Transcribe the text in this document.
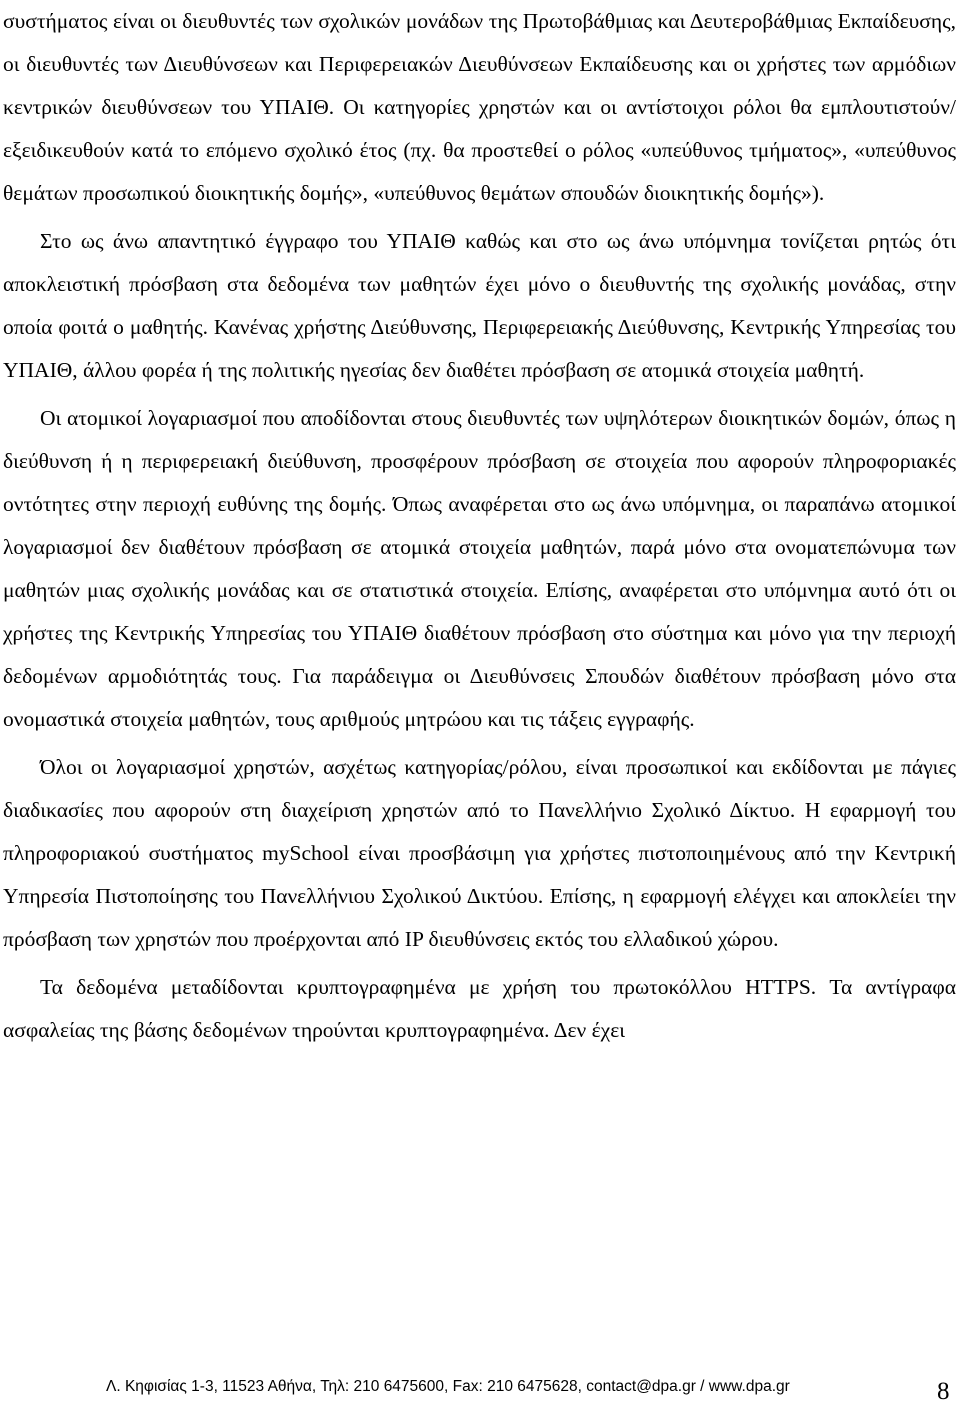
συστήματος είναι οι διευθυντές των σχολικών μονάδων της Πρωτοβάθμιας και Δευτεροβάθμιας Εκπαίδευσης, οι διευθυντές των Διευθύνσεων και Περιφερειακών Διευθύνσεων Εκπαίδευσης και οι χρήστες των αρμόδιων κεντρικών διευθύνσεων του ΥΠΑΙΘ. Οι κατηγορίες χρηστών και οι αντίστοιχοι ρόλοι θα εμπλουτιστούν/εξειδικευθούν κατά το επόμενο σχολικό έτος (πχ. θα προστεθεί ο ρόλος «υπεύθυνος τμήματος», «υπεύθυνος θεμάτων προσωπικού διοικητικής δομής», «υπεύθυνος θεμάτων σπουδών διοικητικής δομής»).

Στο ως άνω απαντητικό έγγραφο του ΥΠΑΙΘ καθώς και στο ως άνω υπόμνημα τονίζεται ρητώς ότι αποκλειστική πρόσβαση στα δεδομένα των μαθητών έχει μόνο ο διευθυντής της σχολικής μονάδας, στην οποία φοιτά ο μαθητής. Κανένας χρήστης Διεύθυνσης, Περιφερειακής Διεύθυνσης, Κεντρικής Υπηρεσίας του ΥΠΑΙΘ, άλλου φορέα ή της πολιτικής ηγεσίας δεν διαθέτει πρόσβαση σε ατομικά στοιχεία μαθητή.

Οι ατομικοί λογαριασμοί που αποδίδονται στους διευθυντές των υψηλότερων διοικητικών δομών, όπως η διεύθυνση ή η περιφερειακή διεύθυνση, προσφέρουν πρόσβαση σε στοιχεία που αφορούν πληροφοριακές οντότητες στην περιοχή ευθύνης της δομής. Όπως αναφέρεται στο ως άνω υπόμνημα, οι παραπάνω ατομικοί λογαριασμοί δεν διαθέτουν πρόσβαση σε ατομικά στοιχεία μαθητών, παρά μόνο στα ονοματεπώνυμα των μαθητών μιας σχολικής μονάδας και σε στατιστικά στοιχεία. Επίσης, αναφέρεται στο υπόμνημα αυτό ότι οι χρήστες της Κεντρικής Υπηρεσίας του ΥΠΑΙΘ διαθέτουν πρόσβαση στο σύστημα και μόνο για την περιοχή δεδομένων αρμοδιότητάς τους. Για παράδειγμα οι Διευθύνσεις Σπουδών διαθέτουν πρόσβαση μόνο στα ονομαστικά στοιχεία μαθητών, τους αριθμούς μητρώου και τις τάξεις εγγραφής.

Όλοι οι λογαριασμοί χρηστών, ασχέτως κατηγορίας/ρόλου, είναι προσωπικοί και εκδίδονται με πάγιες διαδικασίες που αφορούν στη διαχείριση χρηστών από το Πανελλήνιο Σχολικό Δίκτυο. Η εφαρμογή του πληροφοριακού συστήματος mySchool είναι προσβάσιμη για χρήστες πιστοποιημένους από την Κεντρική Υπηρεσία Πιστοποίησης του Πανελλήνιου Σχολικού Δικτύου. Επίσης, η εφαρμογή ελέγχει και αποκλείει την πρόσβαση των χρηστών που προέρχονται από IP διευθύνσεις εκτός του ελλαδικού χώρου.

Τα δεδομένα μεταδίδονται κρυπτογραφημένα με χρήση του πρωτοκόλλου HTTPS. Τα αντίγραφα ασφαλείας της βάσης δεδομένων τηρούνται κρυπτογραφημένα. Δεν έχει

Λ. Κηφισίας 1-3, 11523 Αθήνα, Τηλ: 210 6475600, Fax: 210 6475628, contact@dpa.gr / www.dpa.gr	8
